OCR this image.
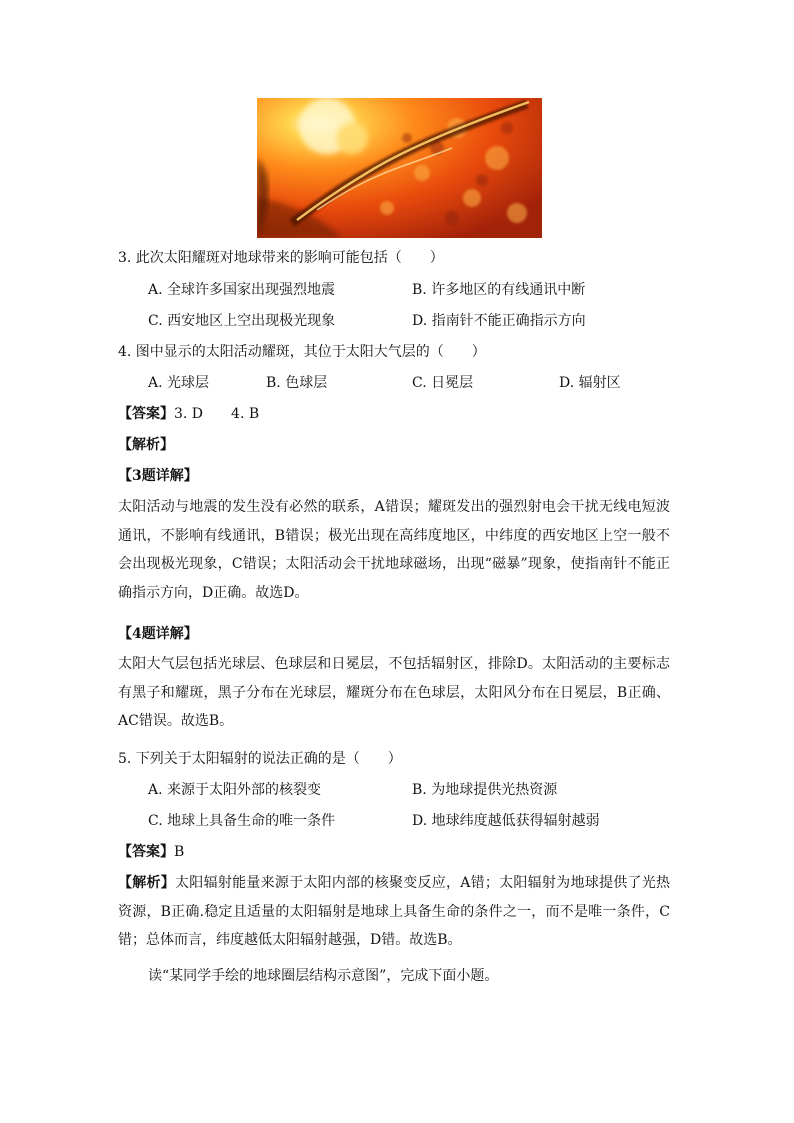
3. 此次太阳耀斑对地球带来的影响可能包括（　　）
A. 全球许多国家出现强烈地震	B. 许多地区的有线通讯中断
C. 西安地区上空出现极光现象	D. 指南针不能正确指示方向
4. 图中显示的太阳活动耀斑，其位于太阳大气层的（　　）
A. 光球层	B. 色球层	C. 日冕层	D. 辐射区
【答案】3. D　　4. B
【解析】
【3题详解】
太阳活动与地震的发生没有必然的联系，A错误；耀斑发出的强烈射电会干扰无线电短波通讯，不影响有线通讯，B错误；极光出现在高纬度地区，中纬度的西安地区上空一般不会出现极光现象，C错误；太阳活动会干扰地球磁场，出现“磁暴”现象，使指南针不能正确指示方向，D正确。故选D。
【4题详解】
太阳大气层包括光球层、色球层和日冕层，不包括辐射区，排除D。太阳活动的主要标志有黑子和耀斑，黑子分布在光球层，耀斑分布在色球层，太阳风分布在日冕层，B正确、AC错误。故选B。
5. 下列关于太阳辐射的说法正确的是（　　）
A. 来源于太阳外部的核裂变	B. 为地球提供光热资源
C. 地球上具备生命的唯一条件	D. 地球纬度越低获得辐射越弱
【答案】B
【解析】太阳辐射能量来源于太阳内部的核聚变反应，A错；太阳辐射为地球提供了光热资源，B正确.稳定且适量的太阳辐射是地球上具备生命的条件之一，而不是唯一条件，C错；总体而言，纬度越低太阳辐射越强，D错。故选B。
读“某同学手绘的地球圈层结构示意图”，完成下面小题。
